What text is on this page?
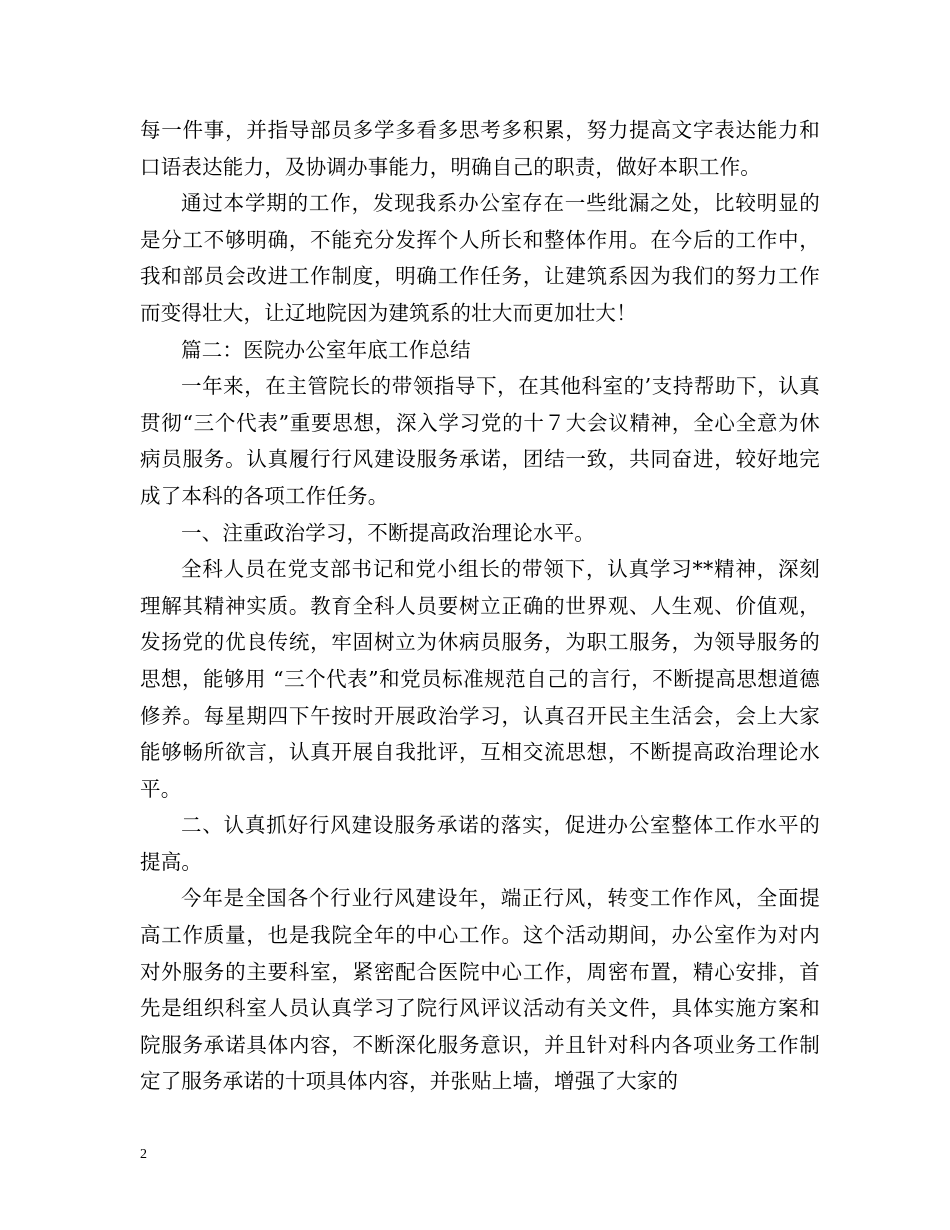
每一件事，并指导部员多学多看多思考多积累，努力提高文字表达能力和口语表达能力，及协调办事能力，明确自己的职责，做好本职工作。

通过本学期的工作，发现我系办公室存在一些纰漏之处，比较明显的是分工不够明确，不能充分发挥个人所长和整体作用。在今后的工作中，我和部员会改进工作制度，明确工作任务，让建筑系因为我们的努力工作而变得壮大，让辽地院因为建筑系的壮大而更加壮大！

篇二：医院办公室年底工作总结

一年来，在主管院长的带领指导下，在其他科室的’支持帮助下，认真贯彻“三个代表”重要思想，深入学习党的十７大会议精神，全心全意为休病员服务。认真履行行风建设服务承诺，团结一致，共同奋进，较好地完成了本科的各项工作任务。

一、注重政治学习，不断提高政治理论水平。

全科人员在党支部书记和党小组长的带领下，认真学习**精神，深刻理解其精神实质。教育全科人员要树立正确的世界观、人生观、价值观，发扬党的优良传统，牢固树立为休病员服务，为职工服务，为领导服务的思想，能够用 “三个代表”和党员标准规范自己的言行，不断提高思想道德修养。每星期四下午按时开展政治学习，认真召开民主生活会，会上大家能够畅所欲言，认真开展自我批评，互相交流思想，不断提高政治理论水平。

二、认真抓好行风建设服务承诺的落实，促进办公室整体工作水平的提高。

今年是全国各个行业行风建设年，端正行风，转变工作作风，全面提高工作质量，也是我院全年的中心工作。这个活动期间，办公室作为对内对外服务的主要科室，紧密配合医院中心工作，周密布置，精心安排，首先是组织科室人员认真学习了院行风评议活动有关文件，具体实施方案和院服务承诺具体内容，不断深化服务意识，并且针对科内各项业务工作制定了服务承诺的十项具体内容，并张贴上墙，增强了大家的

2
